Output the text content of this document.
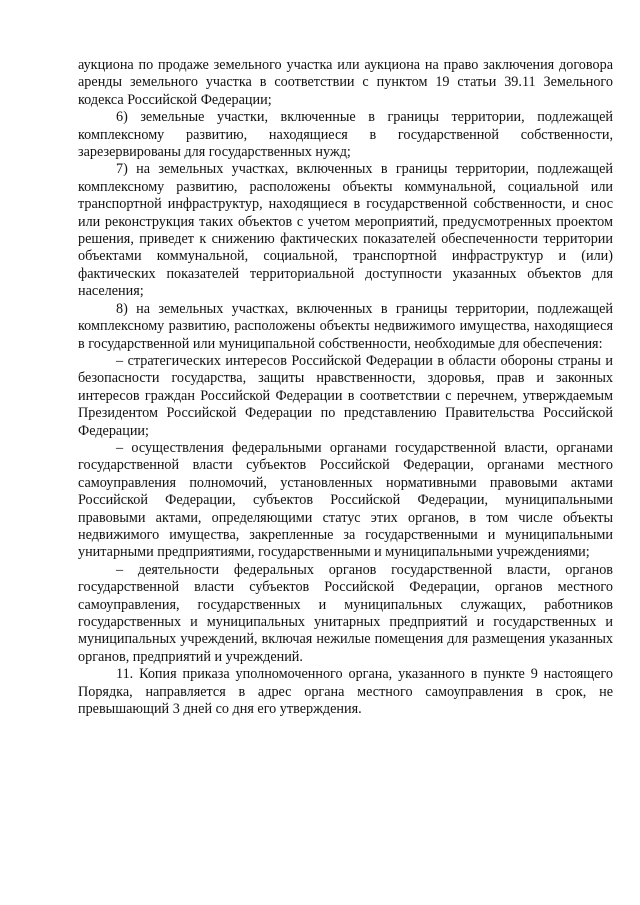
аукциона по продаже земельного участка или аукциона на право заключения договора аренды земельного участка в соответствии с пунктом 19 статьи 39.11 Земельного кодекса Российской Федерации;

6) земельные участки, включенные в границы территории, подлежащей комплексному развитию, находящиеся в государственной собственности, зарезервированы для государственных нужд;

7) на земельных участках, включенных в границы территории, подлежащей комплексному развитию, расположены объекты коммунальной, социальной или транспортной инфраструктур, находящиеся в государственной собственности, и снос или реконструкция таких объектов с учетом мероприятий, предусмотренных проектом решения, приведет к снижению фактических показателей обеспеченности территории объектами коммунальной, социальной, транспортной инфраструктур и (или) фактических показателей территориальной доступности указанных объектов для населения;

8) на земельных участках, включенных в границы территории, подлежащей комплексному развитию, расположены объекты недвижимого имущества, находящиеся в государственной или муниципальной собственности, необходимые для обеспечения:

– стратегических интересов Российской Федерации в области обороны страны и безопасности государства, защиты нравственности, здоровья, прав и законных интересов граждан Российской Федерации в соответствии с перечнем, утверждаемым Президентом Российской Федерации по представлению Правительства Российской Федерации;

– осуществления федеральными органами государственной власти, органами государственной власти субъектов Российской Федерации, органами местного самоуправления полномочий, установленных нормативными правовыми актами Российской Федерации, субъектов Российской Федерации, муниципальными правовыми актами, определяющими статус этих органов, в том числе объекты недвижимого имущества, закрепленные за государственными и муниципальными унитарными предприятиями, государственными и муниципальными учреждениями;

– деятельности федеральных органов государственной власти, органов государственной власти субъектов Российской Федерации, органов местного самоуправления, государственных и муниципальных служащих, работников государственных и муниципальных унитарных предприятий и государственных и муниципальных учреждений, включая нежилые помещения для размещения указанных органов, предприятий и учреждений.

11. Копия приказа уполномоченного органа, указанного в пункте 9 настоящего Порядка, направляется в адрес органа местного самоуправления в срок, не превышающий 3 дней со дня его утверждения.
